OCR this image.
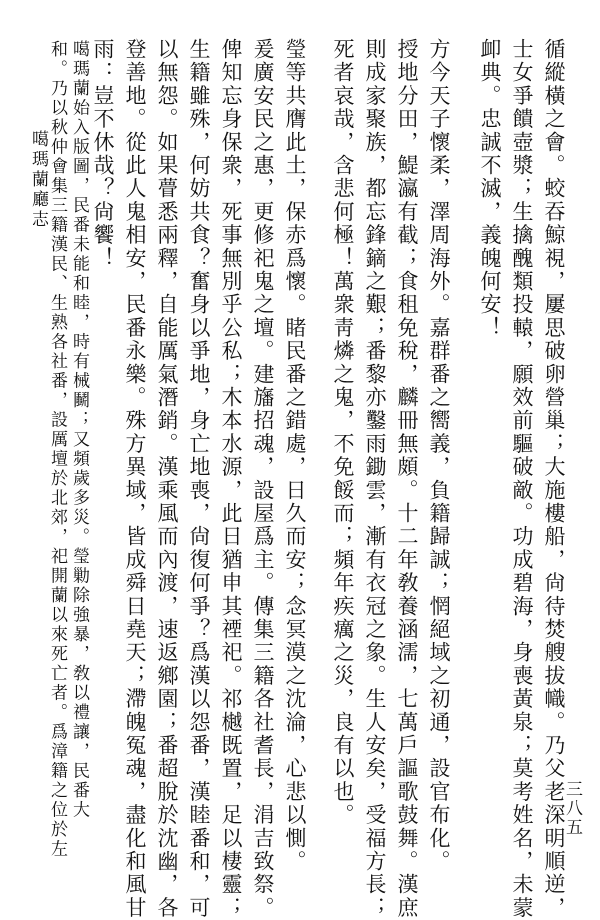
噶瑪蘭廳志	循縱橫之會。蛟吞鯨視，屢思破卵營巢；大施樓船，尙待焚艘拔幟。乃父老深明順逆，
士女爭饋壺漿；生擒醜類投轅，願效前驅破敵。功成碧海，身喪黃泉；莫考姓名，未蒙
卹典。忠誠不滅，義魄何安！
方今天子懷柔，澤周海外。嘉群番之嚮義，負籍歸誠；惘絕域之初通，設官布化。
授地分田，鯷瀛有截；食租免稅，麟冊無頗。十二年敎養涵濡，七萬戶謳歌鼓舞。漢庶
則成家聚族，都忘鋒鏑之艱；番黎亦鑿雨鋤雲，漸有衣冠之象。生人安矣，受福方長；
死者哀哉，含悲何極！萬衆靑燐之鬼，不免餒而；頻年疾癘之災，良有以也。
瑩等共膺此土，保赤爲懷。睹民番之錯處，日久而安；念冥漠之沈淪，心悲以惻。
爰廣安民之惠，更修祀鬼之壇。建旛招魂，設屋爲主。傳集三籍各社耆長，涓吉致祭。
俾知忘身保衆，死事無別乎公私；木本水源，此日猶申其禋祀。祁樾既置，足以棲靈；
生籍雖殊，何妨共食？奮身以爭地，身亡地喪，尙復何爭？爲漢以怨番，漢睦番和，可
以無怨。如果瞢悉兩釋，自能厲氣潛銷。漢乘風而內渡，速返鄉園；番超脫於沈幽，各
登善地。從此人鬼相安，民番永樂。殊方異域，皆成舜日堯天；滯魄冤魂，盡化和風甘
雨：豈不休哉？尙饗！
噶瑪蘭始入版圖，民番未能和睦，時有械鬭；又頻歲多災。瑩勦除強暴，敎以禮讓，民番大
和。乃以秋仲會集三籍漢民、生熟各社番，設厲壇於北郊，祀開蘭以來死亡者。爲漳籍之位於左	三八五
